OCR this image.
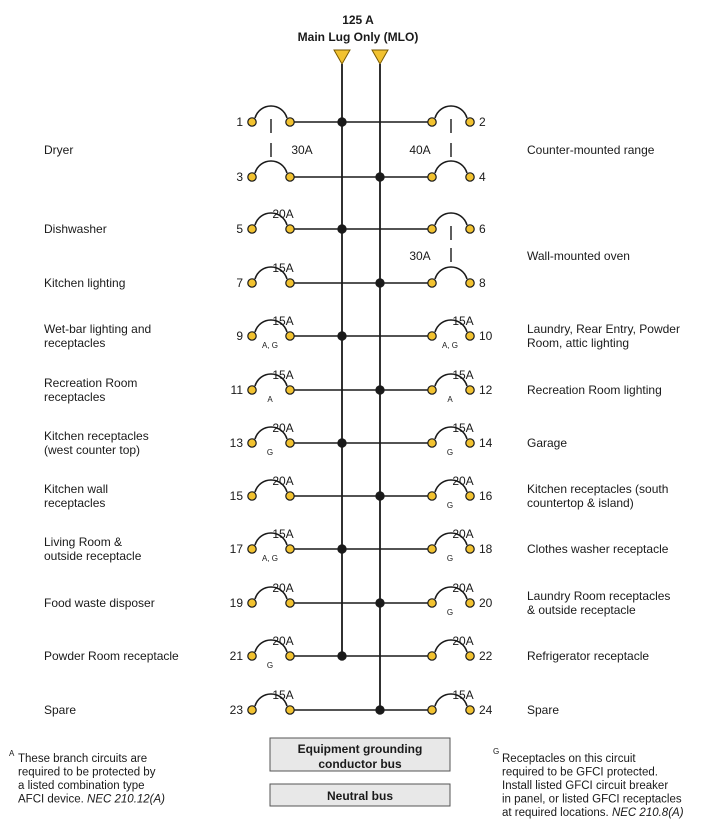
125 A
Main Lug Only (MLO)
1
3
5
20A
Dishwasher
7
15A
Kitchen lighting
9
15A
A, G
Wet-bar lighting and
receptacles
11
15A
A
Recreation Room
receptacles
13
20A
G
Kitchen receptacles
(west counter top)
15
20A
Kitchen wall
receptacles
17
15A
A, G
Living Room &
outside receptacle
19
20A
Food waste disposer
21
20A
G
Powder Room receptacle
23
15A
Spare
2
4
6
8
10
15A
A, G
Laundry, Rear Entry, Powder
Room, attic lighting
12
15A
A
Recreation Room lighting
14
15A
G
Garage
16
20A
G
Kitchen receptacles (south
countertop & island)
18
20A
G
Clothes washer receptacle
20
20A
G
Laundry Room receptacles
& outside receptacle
22
20A
Refrigerator receptacle
24
15A
Spare
30A
Dryer	40A	Counter-mounted range
30A	Wall-mounted oven
Equipment grounding
conductor bus
Neutral bus
A These branch circuits are
required to be protected by
a listed combination type
AFCI device. NEC 210.12(A)
G
Receptacles on this circuit
required to be GFCI protected.
Install listed GFCI circuit breaker
in panel, or listed GFCI receptacles
at required locations. NEC 210.8(A)
